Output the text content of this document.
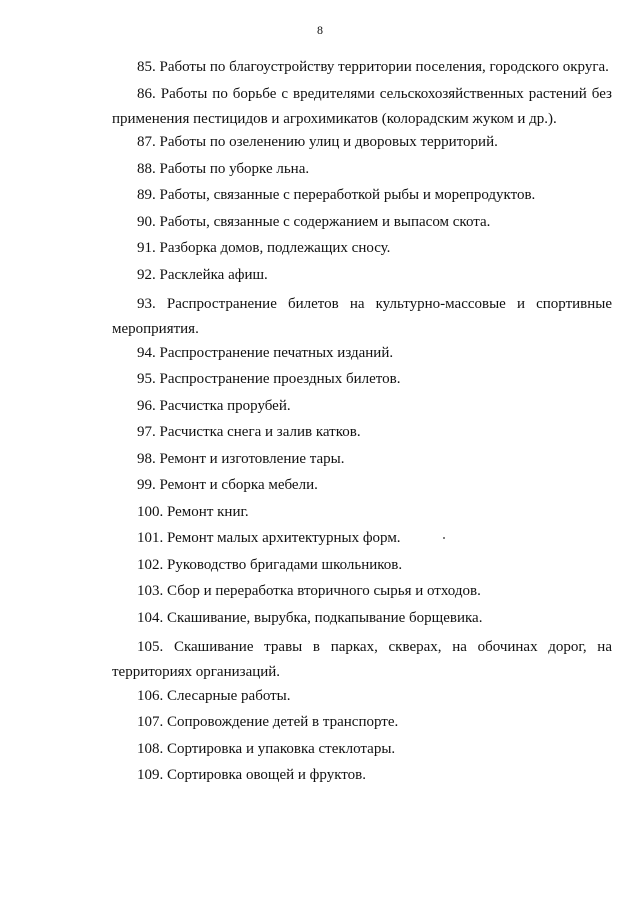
8

85. Работы по благоустройству территории поселения, городского округа.

86. Работы по борьбе с вредителями сельскохозяйственных растений без применения пестицидов и агрохимикатов (колорадским жуком и др.).

87. Работы по озеленению улиц и дворовых территорий.

88. Работы по уборке льна.

89. Работы, связанные с переработкой рыбы и морепродуктов.

90. Работы, связанные с содержанием и выпасом скота.

91. Разборка домов, подлежащих сносу.

92. Расклейка афиш.

93. Распространение билетов на культурно-массовые и спортивные мероприятия.

94. Распространение печатных изданий.

95. Распространение проездных билетов.

96. Расчистка прорубей.

97. Расчистка снега и залив катков.

98. Ремонт и изготовление тары.

99. Ремонт и сборка мебели.

100. Ремонт книг.

101. Ремонт малых архитектурных форм.

102. Руководство бригадами школьников.

103. Сбор и переработка вторичного сырья и отходов.

104. Скашивание, вырубка, подкапывание борщевика.

105. Скашивание травы в парках, скверах, на обочинах дорог, на территориях организаций.

106. Слесарные работы.

107. Сопровождение детей в транспорте.

108. Сортировка и упаковка стеклотары.

109. Сортировка овощей и фруктов.
